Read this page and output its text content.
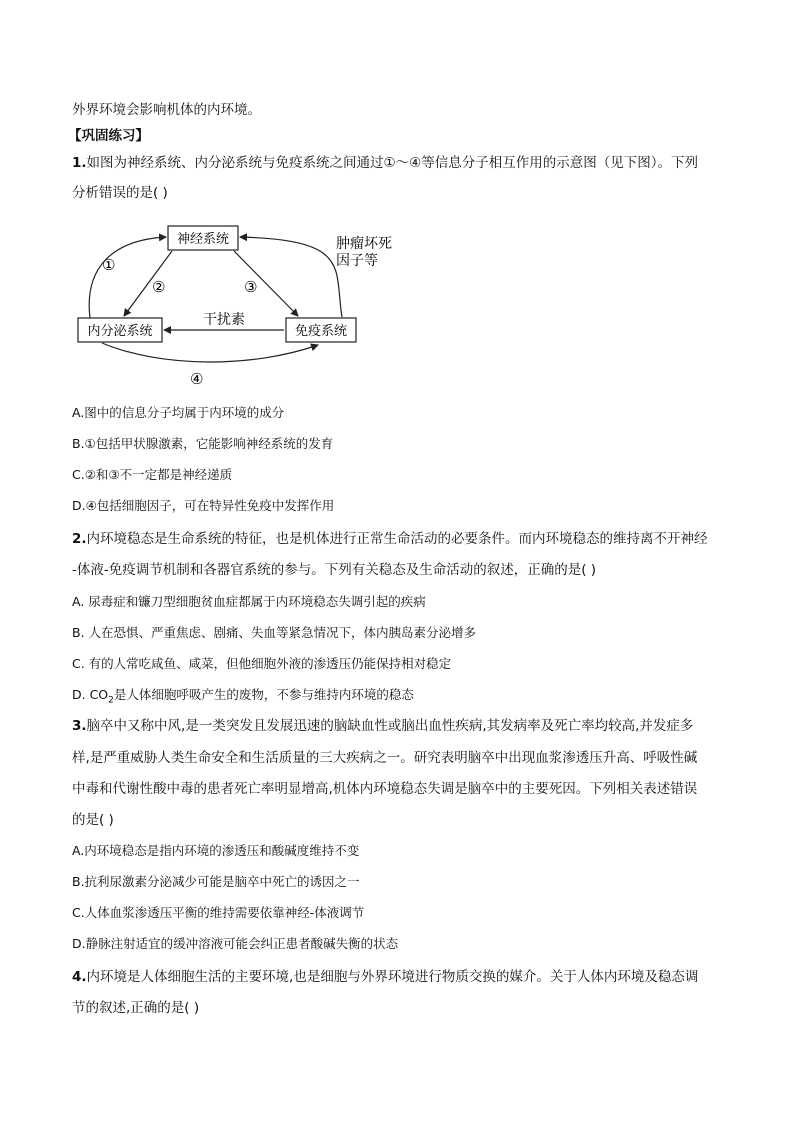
外界环境会影响机体的内环境。
【巩固练习】
1.如图为神经系统、内分泌系统与免疫系统之间通过①～④等信息分子相互作用的示意图（见下图）。下列
分析错误的是( )
神经系统
内分泌系统	免疫系统
①
②	③
干扰素
④
肿瘤坏死
因子等
A.图中的信息分子均属于内环境的成分
B.①包括甲状腺激素，它能影响神经系统的发育
C.②和③不一定都是神经递质
D.④包括细胞因子，可在特异性免疫中发挥作用
2.内环境稳态是生命系统的特征，也是机体进行正常生命活动的必要条件。而内环境稳态的维持离不开神经
-体液-免疫调节机制和各器官系统的参与。下列有关稳态及生命活动的叙述，正确的是( )
A. 尿毒症和镰刀型细胞贫血症都属于内环境稳态失调引起的疾病
B. 人在恐惧、严重焦虑、剧痛、失血等紧急情况下，体内胰岛素分泌增多
C. 有的人常吃咸鱼、咸菜，但他细胞外液的渗透压仍能保持相对稳定
D. $CO_2$是人体细胞呼吸产生的废物，不参与维持内环境的稳态
3.脑卒中又称中风,是一类突发且发展迅速的脑缺血性或脑出血性疾病,其发病率及死亡率均较高,并发症多
样,是严重威胁人类生命安全和生活质量的三大疾病之一。研究表明脑卒中出现血浆渗透压升高、呼吸性碱
中毒和代谢性酸中毒的患者死亡率明显增高,机体内环境稳态失调是脑卒中的主要死因。下列相关表述错误
的是( )
A.内环境稳态是指内环境的渗透压和酸碱度维持不变
B.抗利尿激素分泌减少可能是脑卒中死亡的诱因之一
C.人体血浆渗透压平衡的维持需要依靠神经-体液调节
D.静脉注射适宜的缓冲溶液可能会纠正患者酸碱失衡的状态
4.内环境是人体细胞生活的主要环境,也是细胞与外界环境进行物质交换的媒介。关于人体内环境及稳态调
节的叙述,正确的是( )
